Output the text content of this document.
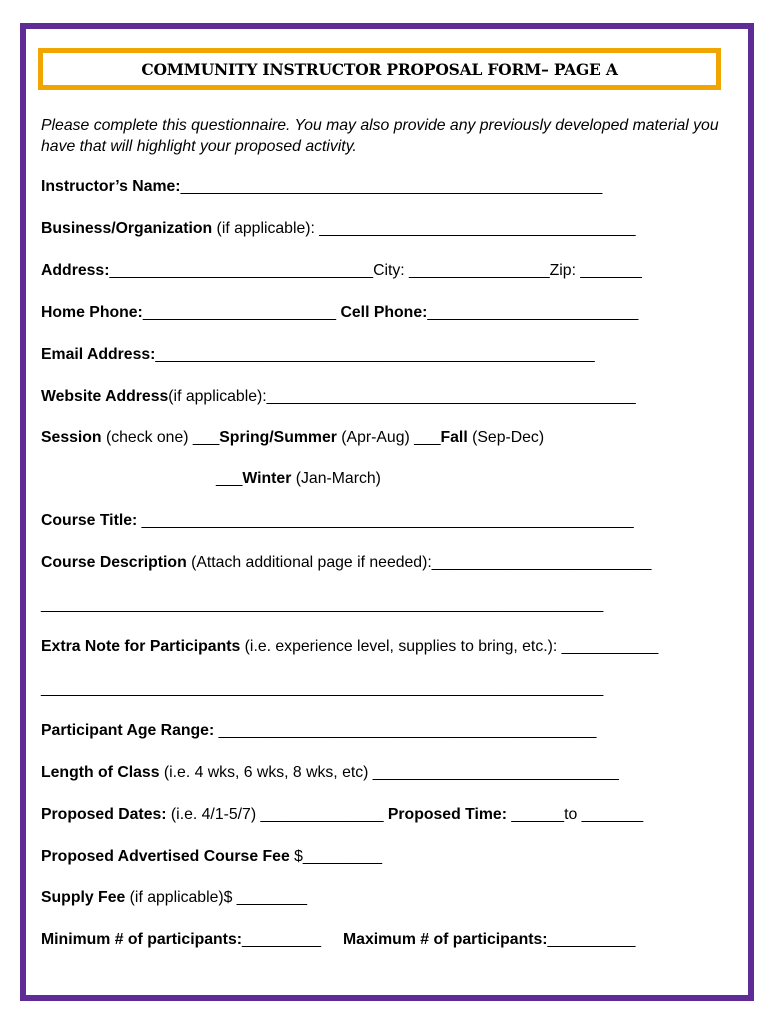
COMMUNITY INSTRUCTOR PROPOSAL FORM– PAGE A
Please complete this questionnaire. You may also provide any previously developed material you have that will highlight your proposed activity.
Instructor’s Name:________________________________________________
Business/Organization (if applicable): ____________________________________
Address:______________________________City: ________________Zip: _______
Home Phone:______________________ Cell Phone:________________________
Email Address:__________________________________________________
Website Address(if applicable):__________________________________________
Session (check one) ___Spring/Summer (Apr-Aug) ___Fall (Sep-Dec)
___Winter (Jan-March)
Course Title: ________________________________________________________
Course Description (Attach additional page if needed):_________________________
________________________________________________________________
Extra Note for Participants (i.e. experience level, supplies to bring, etc.): ___________
________________________________________________________________
Participant Age Range: ___________________________________________
Length of Class (i.e. 4 wks, 6 wks, 8 wks, etc) ____________________________
Proposed Dates: (i.e. 4/1-5/7) ______________ Proposed Time: ______to _______
Proposed Advertised Course Fee $_________
Supply Fee (if applicable)$ ________
Minimum # of participants:_________     Maximum # of participants:__________
